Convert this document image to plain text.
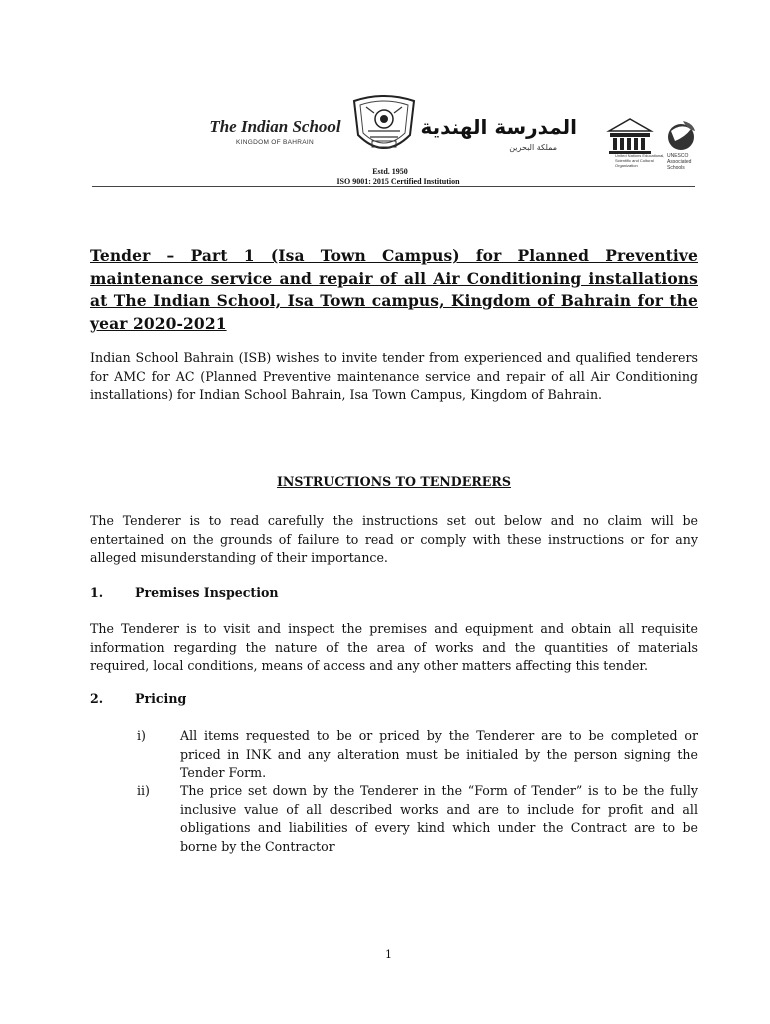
The Indian School
KINGDOM OF BAHRAIN
المدرسة الهندية
مملكة البحرين
United Nations Educational, Scientific and Cultural Organization
UNESCO Associated Schools
Estd. 1950
ISO 9001: 2015 Certified Institution
Tender – Part 1 (Isa Town Campus) for Planned Preventive maintenance service and repair of all Air Conditioning installations at The Indian School, Isa Town campus, Kingdom of Bahrain for the year 2020-2021
Indian School Bahrain (ISB) wishes to invite tender from experienced and qualified tenderers for AMC for AC (Planned Preventive maintenance service and repair of all Air Conditioning installations) for Indian School Bahrain, Isa Town Campus, Kingdom of Bahrain.
INSTRUCTIONS TO TENDERERS
The Tenderer is to read carefully the instructions set out below and no claim will be entertained on the grounds of failure to read or comply with these instructions or for any alleged misunderstanding of their importance.
1.	Premises Inspection
The Tenderer is to visit and inspect the premises and equipment and obtain all requisite information regarding the nature of the area of works and the quantities of materials required, local conditions, means of access and any other matters affecting this tender.
2.	Pricing
i)	All items requested to be or priced by the Tenderer are to be completed or priced in INK and any alteration must be initialed by the person signing the Tender Form.
ii) The price set down by the Tenderer in the “Form of Tender” is to be the fully inclusive value of all described works and are to include for profit and all obligations and liabilities of every kind which under the Contract are to be borne by the Contractor
1
